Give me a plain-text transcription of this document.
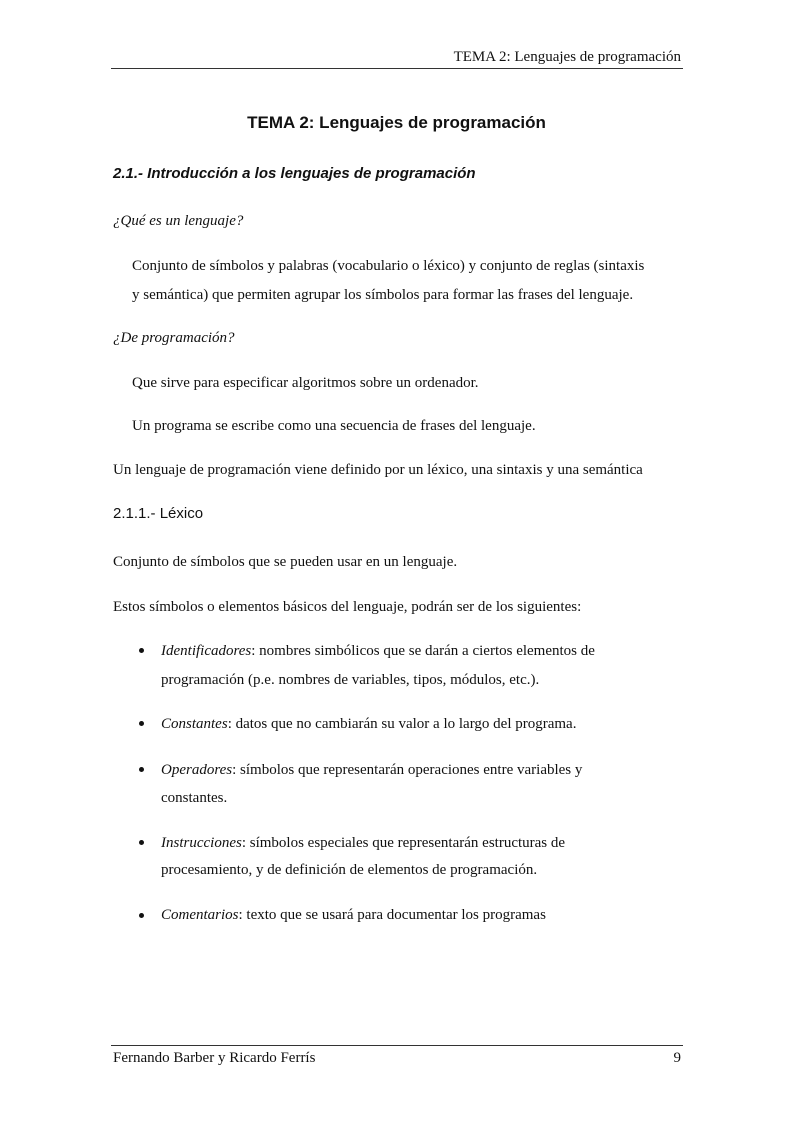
TEMA 2: Lenguajes de programación
TEMA 2: Lenguajes de programación
2.1.- Introducción a los lenguajes de programación
¿Qué es un lenguaje?
Conjunto de símbolos y palabras (vocabulario o léxico) y conjunto de reglas (sintaxis
y semántica) que permiten agrupar los símbolos para formar las frases del lenguaje.
¿De programación?
Que sirve para especificar algoritmos sobre un ordenador.
Un programa se escribe como una secuencia de frases del lenguaje.
Un lenguaje de programación viene definido por un léxico, una sintaxis y una semántica
2.1.1.- Léxico
Conjunto de símbolos que se pueden usar en un lenguaje.
Estos símbolos o elementos básicos del lenguaje, podrán ser de los siguientes:
Identificadores: nombres simbólicos que se darán a ciertos elementos de
programación (p.e. nombres de variables, tipos, módulos, etc.).
Constantes: datos que no cambiarán su valor a lo largo del programa.
Operadores: símbolos que representarán operaciones entre variables y
constantes.
Instrucciones: símbolos especiales que representarán estructuras de
procesamiento, y de definición de elementos de programación.
Comentarios: texto que se usará para documentar los programas
Fernando Barber y Ricardo Ferrís	9
